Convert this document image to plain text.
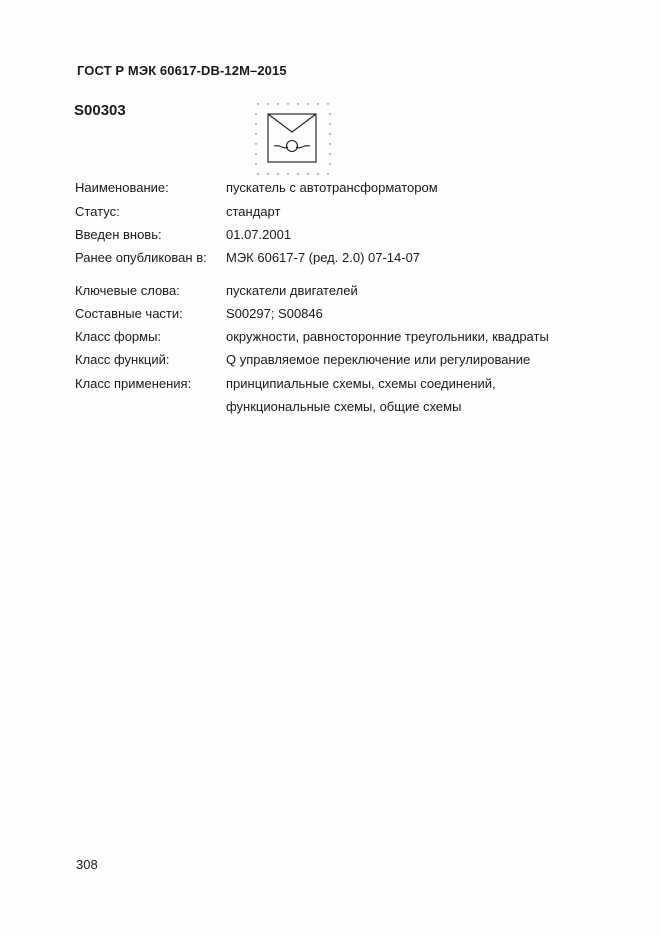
ГОСТ Р МЭК 60617-DB-12M–2015
S00303
Наименование:	пускатель с автотрансформатором
Статус:	стандарт
Введен вновь:	01.07.2001
Ранее опубликован в: МЭК 60617-7 (ред. 2.0) 07-14-07
Ключевые слова:	пускатели двигателей
Составные части:	S00297; S00846
Класс формы:	окружности, равносторонние треугольники, квадраты
Класс функций:	Q управляемое переключение или регулирование
Класс применения:	принципиальные схемы, схемы соединений,
функциональные схемы, общие схемы
308
